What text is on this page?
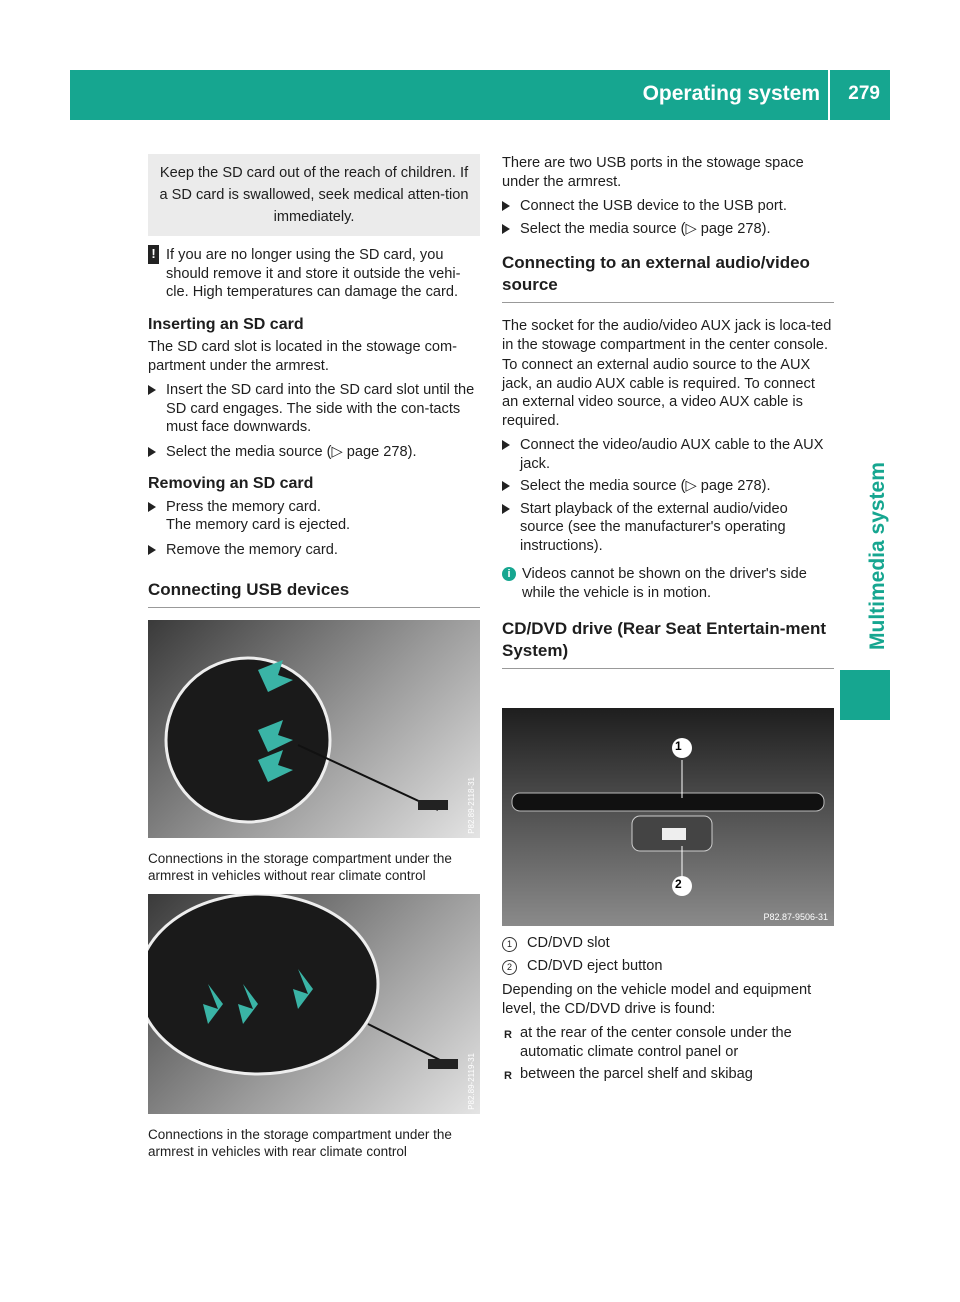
Operating system 279
Multimedia system

Keep the SD card out of the reach of children. If a SD card is swallowed, seek medical atten-tion immediately.

! If you are no longer using the SD card, you should remove it and store it outside the vehi-cle. High temperatures can damage the card.

Inserting an SD card

The SD card slot is located in the stowage com-partment under the armrest.

Insert the SD card into the SD card slot until the SD card engages. The side with the con-tacts must face downwards.

Select the media source (▷ page 278).

Removing an SD card

Press the memory card.
The memory card is ejected.

Remove the memory card.

Connecting USB devices

P82.89-2118-31

Connections in the storage compartment under the armrest in vehicles without rear climate control

P82.89-2119-31

Connections in the storage compartment under the armrest in vehicles with rear climate control

There are two USB ports in the stowage space under the armrest.

Connect the USB device to the USB port.

Select the media source (▷ page 278).

Connecting to an external audio/video source

The socket for the audio/video AUX jack is loca-ted in the stowage compartment in the center console.

To connect an external audio source to the AUX jack, an audio AUX cable is required. To connect an external video source, a video AUX cable is required.

Connect the video/audio AUX cable to the AUX jack.

Select the media source (▷ page 278).

Start playback of the external audio/video source (see the manufacturer's operating instructions).

i Videos cannot be shown on the driver's side while the vehicle is in motion.

CD/DVD drive (Rear Seat Entertain-ment System)

1
2
P82.87-9506-31

1 CD/DVD slot

2 CD/DVD eject button

Depending on the vehicle model and equipment level, the CD/DVD drive is found:

R at the rear of the center console under the automatic climate control panel or

R between the parcel shelf and skibag
